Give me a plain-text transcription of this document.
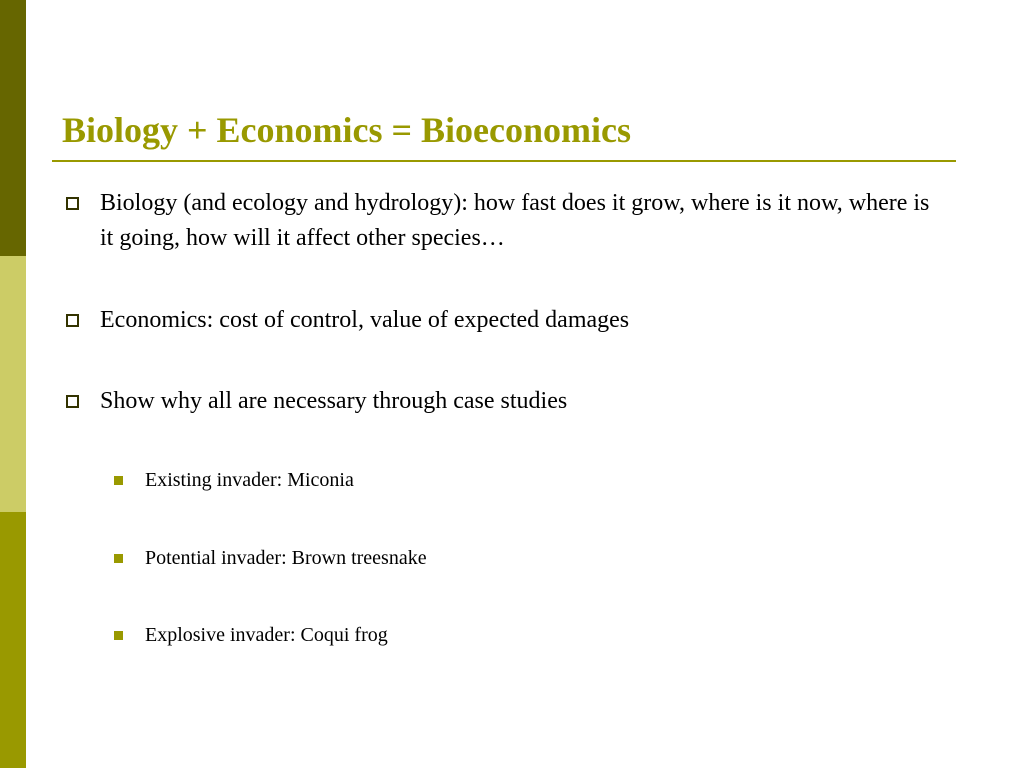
Biology + Economics = Bioeconomics
Biology (and ecology and hydrology): how fast does it grow, where is it now, where is it going, how will it affect other species…
Economics: cost of control, value of expected damages
Show why all are necessary through case studies
Existing invader: Miconia
Potential invader: Brown treesnake
Explosive invader: Coqui frog
